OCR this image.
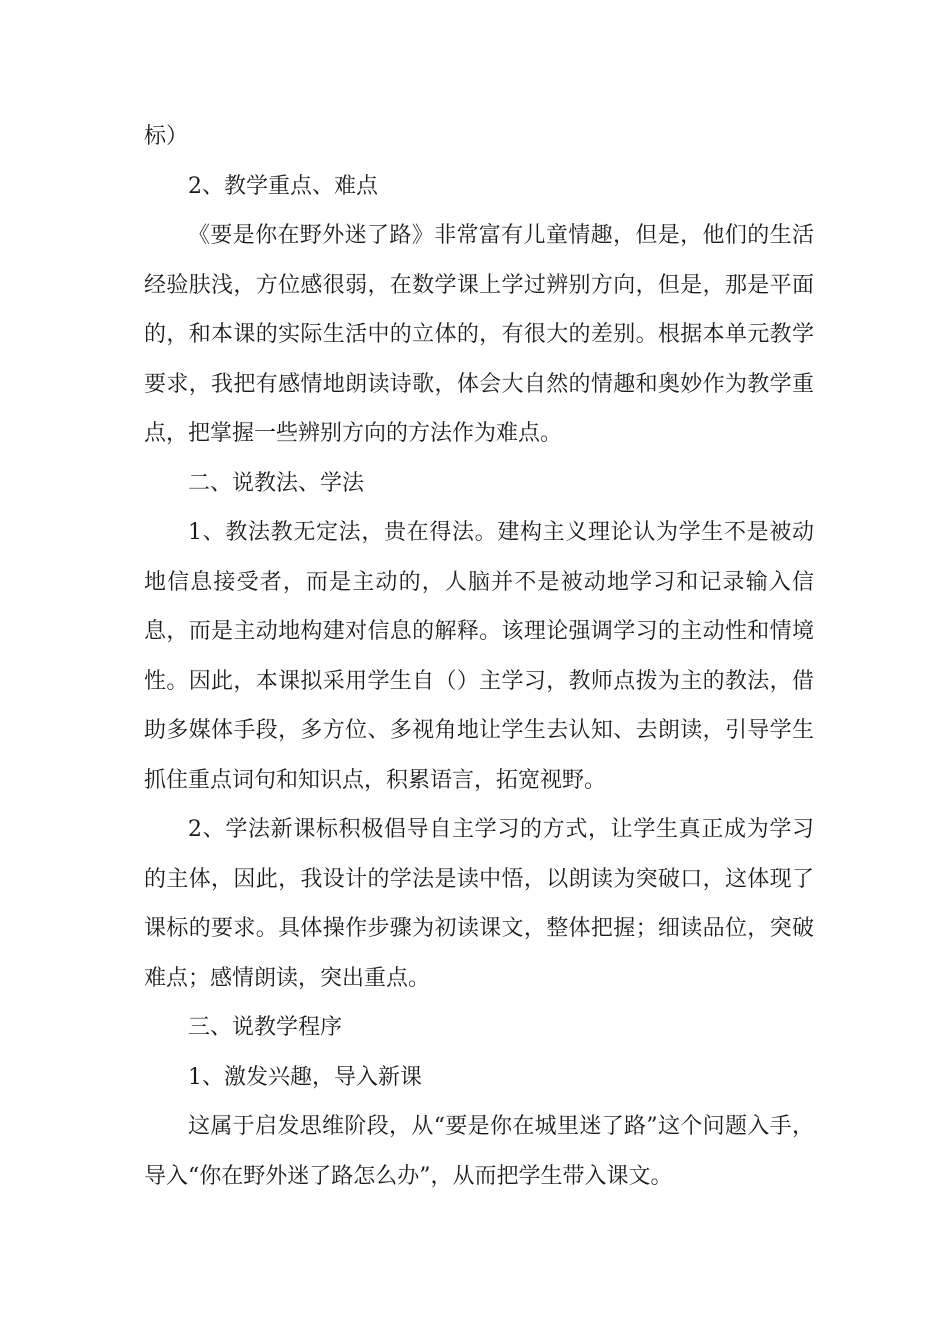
标）

2、教学重点、难点

《要是你在野外迷了路》非常富有儿童情趣，但是，他们的生活经验肤浅，方位感很弱，在数学课上学过辨别方向，但是，那是平面的，和本课的实际生活中的立体的，有很大的差别。根据本单元教学要求，我把有感情地朗读诗歌，体会大自然的情趣和奥妙作为教学重点，把掌握一些辨别方向的方法作为难点。

二、说教法、学法

1、教法教无定法，贵在得法。建构主义理论认为学生不是被动地信息接受者，而是主动的，人脑并不是被动地学习和记录输入信息，而是主动地构建对信息的解释。该理论强调学习的主动性和情境性。因此，本课拟采用学生自（）主学习，教师点拨为主的教法，借助多媒体手段，多方位、多视角地让学生去认知、去朗读，引导学生抓住重点词句和知识点，积累语言，拓宽视野。

2、学法新课标积极倡导自主学习的方式，让学生真正成为学习的主体，因此，我设计的学法是读中悟，以朗读为突破口，这体现了课标的要求。具体操作步骤为初读课文，整体把握；细读品位，突破难点；感情朗读，突出重点。

三、说教学程序

1、激发兴趣，导入新课

这属于启发思维阶段，从“要是你在城里迷了路”这个问题入手，导入“你在野外迷了路怎么办”，从而把学生带入课文。
